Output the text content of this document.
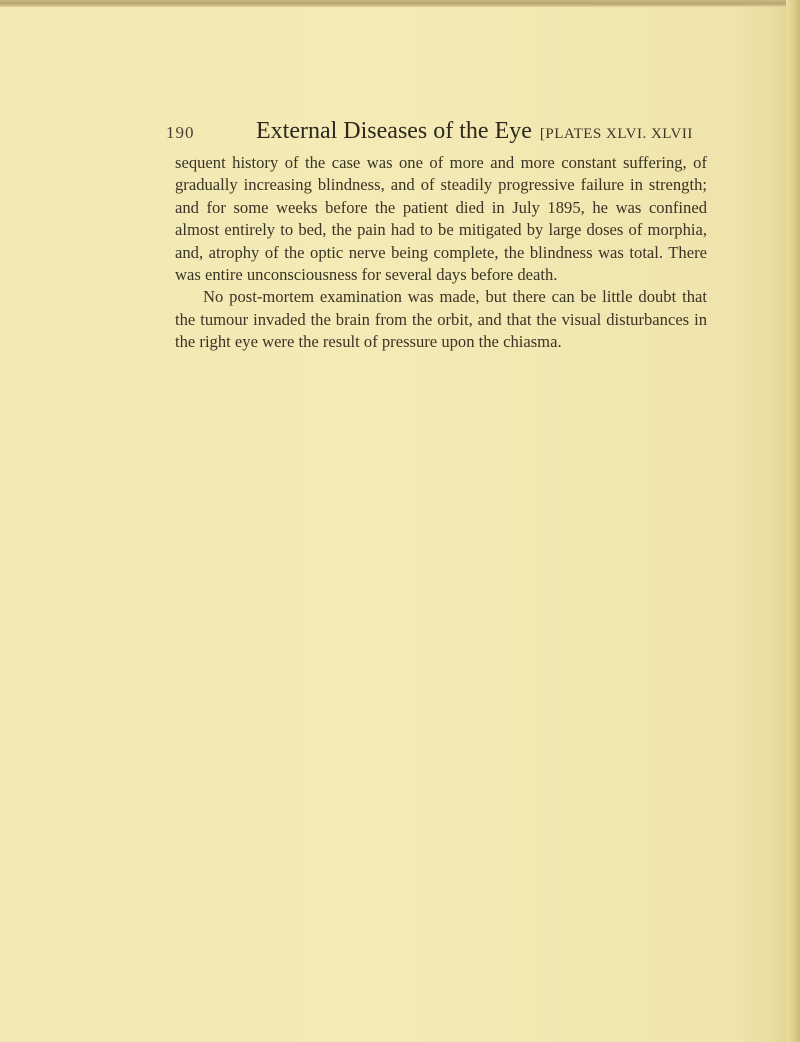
190	External Diseases of the Eye [PLATES XLVI. XLVII

sequent history of the case was one of more and more constant suffering, of gradually increasing blindness, and of steadily progressive failure in strength; and for some weeks before the patient died in July 1895, he was confined almost entirely to bed, the pain had to be mitigated by large doses of morphia, and, atrophy of the optic nerve being complete, the blindness was total. There was entire unconsciousness for several days before death.

No post-mortem examination was made, but there can be little doubt that the tumour invaded the brain from the orbit, and that the visual disturbances in the right eye were the result of pressure upon the chiasma.
